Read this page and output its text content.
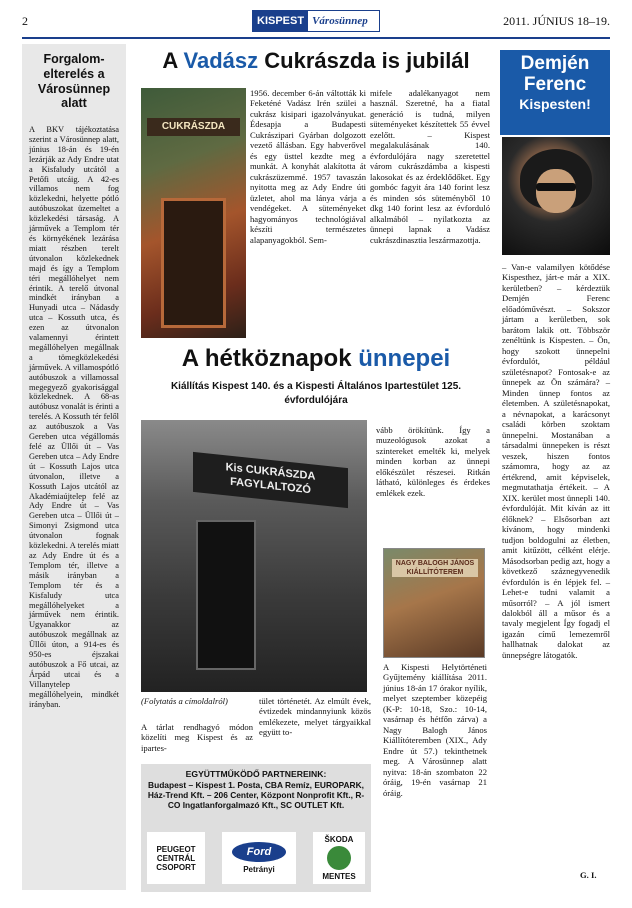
2	KISPEST Városünnep	2011. JÚNIUS 18–19.
Forgalom-elterelés a Városünnep alatt
A BKV tájékoztatása szerint a Városünnep alatt, június 18-án és 19-én lezárják az Ady Endre utat a Kisfaludy utcától a Petőfi utcáig. A 42-es villamos nem fog közlekedni, helyette pótló autóbuszokat üzemeltet a közlekedési társaság. A járművek a Templom tér és környékének lezárása miatt részben terelt útvonalon közlekednek majd és így a Templom téri megállóhelyet nem érintik. A terelő útvonal mindkét irányban a Hunyadi utca – Nádasdy utca – Kossuth utca, és ezen az útvonalon valamennyi érintett megállóhelyen megállnak a tömegközlekedési járművek. A villamospótló autóbuszok a villamossal megegyező gyakorisággal közlekednek. A 68-as autóbusz vonalát is érinti a terelés. A Kossuth tér felől az autóbuszok a Vas Gereben utca végállomás felé az Üllői út – Vas Gereben utca – Ady Endre út – Kossuth Lajos utca útvonalon, illetve a Kossuth Lajos utcától az Akadémiaújtelep felé az Ady Endre út – Vas Gereben utca – Üllői út – Simonyi Zsigmond utca útvonalon fognak közlekedni. A terelés miatt az Ady Endre út és a Templom tér, illetve a másik irányban a Templom tér és a Kisfaludy utca megállóhelyeket a járművek nem érintik. Ugyanakkor az autóbuszok megállnak az Üllői úton, a 914-es és 950-es éjszakai autóbuszok a Fő utcai, az Árpád utcai és a Villanytelep megállóhelyein, mindkét irányban.
A Vadász Cukrászda is jubilál
CUKRÁSZDA
1956. december 6-án váltották ki Feketéné Vadász Irén szülei a cukrász kisipari igazolványukat. Édesapja a Budapesti Cukrászipari Gyárban dolgozott vezető állásban. Egy habverővel és egy üsttel kezdte meg a munkát. A konyhát alakította át cukrászüzemmé. 1957 tavaszán nyitotta meg az Ady Endre úti üzletet, ahol ma lánya várja a vendégeket. A süteményeket hagyományos technológiával készíti természetes alapanyagokból. Sem-
mifele adalékanyagot nem használ. Szeretné, ha a fiatal generáció is tudná, milyen süteményeket készítettek 55 évvel ezelőtt. – Kispest megalakulásának 140. évfordulójára nagy szeretettel várom cukrászdámba a kispesti lakosokat és az érdeklődőket. Egy gombóc fagyit ára 140 forint lesz és minden sós süteményből 10 dkg 140 forint lesz az évforduló alkalmából – nyilatkozta az ünnepi lapnak a Vadász cukrászdinasztia leszármazottja.
A hétköznapok ünnepei
Kiállítás Kispest 140. és a Kispesti Általános Ipartestület 125. évfordulójára
Kis CUKRÁSZDA FAGYLALTOZÓ
vább örökítünk. Így a muzeológusok azokat a szintereket emelték ki, melyek minden korban az ünnepi előkészület részesei. Ritkán látható, különleges és érdekes emlékek ezek.
NAGY BALOGH JÁNOS KIÁLLÍTÓTEREM
A Kispesti Helytörténeti Gyűjtemény kiállítása 2011. június 18-án 17 órakor nyílik, melyet szeptember közepéig (K-P: 10-18, Szo.: 10-14, vasárnap és hétfőn zárva) a Nagy Balogh János Kiállítóteremben (XIX., Ady Endre út 57.) tekinthetnek meg. A Városünnep alatt nyitva: 18-án szombaton 22 óráig, 19-én vasárnap 21 óráig.
(Folytatás a címoldalról)	tület történetét. Az elmúlt évek, évtizedek mindannyiunk közös emlékezete, melyet tárgyaikkal együtt to-
A tárlat rendhagyó módon közelíti meg Kispest és az ipartes-
EGYÜTTMŰKÖDŐ PARTNEREINK:
Budapest – Kispest 1. Posta, CBA Remíz, EUROPARK, Ház-Trend Kft. – 206 Center, Központ Nonprofit Kft., R-CO Ingatlanforgalmazó Kft., SC OUTLET Kft.
PEUGEOT CENTRÁL CSOPORT
Ford
Petrányi
ŠKODA
MENTES
Demjén Ferenc
Kispesten!
– Van-e valamilyen kötődése Kispesthez, járt-e már a XIX. kerületben? – kérdeztük Demjén Ferenc előadóművészt. – Sokszor jártam a kerületben, sok barátom lakik ott. Többször zenéltünk is Kispesten. – Ön, hogy szokott ünnepelni évfordulót, például születésnapot? Fontosak-e az ünnepek az Ön számára? – Minden ünnep fontos az életemben. A születésnapokat, a névnapokat, a karácsonyt családi körben szoktam ünnepelni. Mostanában a társadalmi ünnepeken is részt veszek, hiszen fontos számomra, hogy az az értékrend, amit képviselek, megmutathatja értékeit. – A XIX. kerület most ünnepli 140. évfordulóját. Mit kíván az itt élőknek? – Elsősorban azt kívánom, hogy mindenki tudjon boldogulni az életben, amit kitűzött, célként elérje. Másodsorban pedig azt, hogy a következő száznegyvenedik évfordulón is én lépjek fel. – Lehet-e tudni valamit a műsorról? – A jól ismert dalokból áll a műsor és a tavaly megjelent Így fogadj el igazán című lemezemről hallhatnak dalokat az ünnepségre látogatók.
G. I.
